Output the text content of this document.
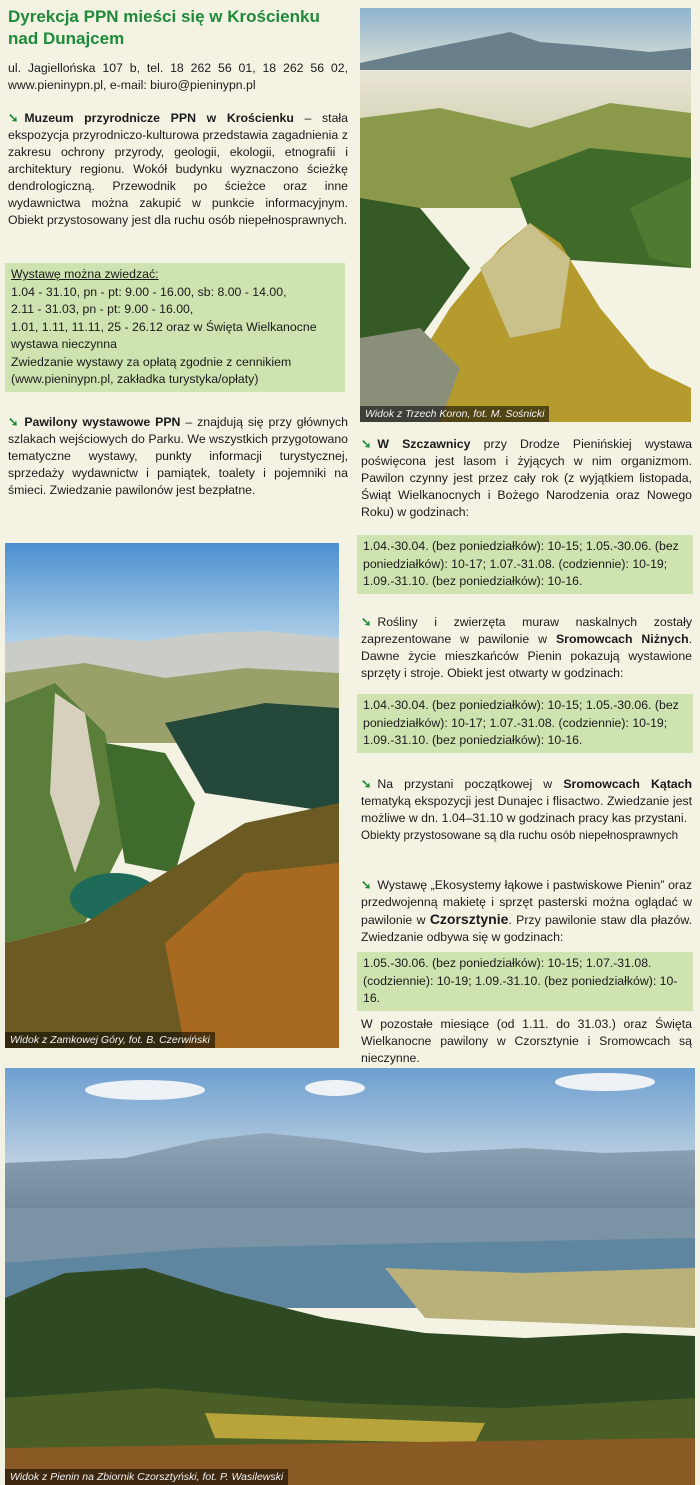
Dyrekcja PPN mieści się w Krościenku nad Dunajcem
ul. Jagiellońska 107 b, tel. 18 262 56 01, 18 262 56 02, www.pieninypn.pl, e-mail: biuro@pieninypn.pl
➘ Muzeum przyrodnicze PPN w Krościenku – stała ekspozycja przyrodniczo-kulturowa przedstawia zagadnienia z zakresu ochrony przyrody, geologii, ekologii, etnografii i architektury regionu. Wokół budynku wyznaczono ścieżkę dendrologiczną. Przewodnik po ścieżce oraz inne wydawnictwa można zakupić w punkcie informacyjnym. Obiekt przystosowany jest dla ruchu osób niepełnosprawnych.
Wystawę można zwiedzać:
1.04 - 31.10, pn - pt: 9.00 - 16.00, sb: 8.00 - 14.00,
2.11 - 31.03, pn - pt: 9.00 - 16.00,
1.01, 1.11, 11.11, 25 - 26.12 oraz w Święta Wielkanocne wystawa nieczynna
Zwiedzanie wystawy za opłatą zgodnie z cennikiem (www.pieninypn.pl, zakładka turystyka/opłaty)
➘ Pawilony wystawowe PPN – znajdują się przy głównych szlakach wejściowych do Parku. We wszystkich przygotowano tematyczne wystawy, punkty informacji turystycznej, sprzedaży wydawnictw i pamiątek, toalety i pojemniki na śmieci. Zwiedzanie pawilonów jest bezpłatne.
Widok z Trzech Koron, fot. M. Sośnicki
Widok z Zamkowej Góry, fot. B. Czerwiński
➘ W Szczawnicy przy Drodze Pienińskiej wystawa poświęcona jest lasom i żyjących w nim organizmom. Pawilon czynny jest przez cały rok (z wyjątkiem listopada, Świąt Wielkanocnych i Bożego Narodzenia oraz Nowego Roku) w godzinach:
1.04.-30.04. (bez poniedziałków): 10-15; 1.05.-30.06. (bez poniedziałków): 10-17; 1.07.-31.08. (codziennie): 10-19; 1.09.-31.10. (bez poniedziałków): 10-16.
➘ Rośliny i zwierzęta muraw naskalnych zostały zaprezentowane w pawilonie w Sromowcach Niżnych. Dawne życie mieszkańców Pienin pokazują wystawione sprzęty i stroje. Obiekt jest otwarty w godzinach:
1.04.-30.04. (bez poniedziałków): 10-15; 1.05.-30.06. (bez poniedziałków): 10-17; 1.07.-31.08. (codziennie): 10-19; 1.09.-31.10. (bez poniedziałków): 10-16.
➘ Na przystani początkowej w Sromowcach Kątach tematyką ekspozycji jest Dunajec i flisactwo. Zwiedzanie jest możliwe w dn. 1.04–31.10 w godzinach pracy kas przystani.
Obiekty przystosowane są dla ruchu osób niepełnosprawnych
➘ Wystawę „Ekosystemy łąkowe i pastwiskowe Pienin” oraz przedwojenną makietę i sprzęt pasterski można oglądać w pawilonie w Czorsztynie. Przy pawilonie staw dla płazów. Zwiedzanie odbywa się w godzinach:
1.05.-30.06. (bez poniedziałków): 10-15; 1.07.-31.08. (codziennie): 10-19; 1.09.-31.10. (bez poniedziałków): 10-16.
W pozostałe miesiące (od 1.11. do 31.03.) oraz Święta Wielkanocne pawilony w Czorsztynie i Sromowcach są nieczynne.
Widok z Pienin na Zbiornik Czorsztyński, fot. P. Wasilewski
